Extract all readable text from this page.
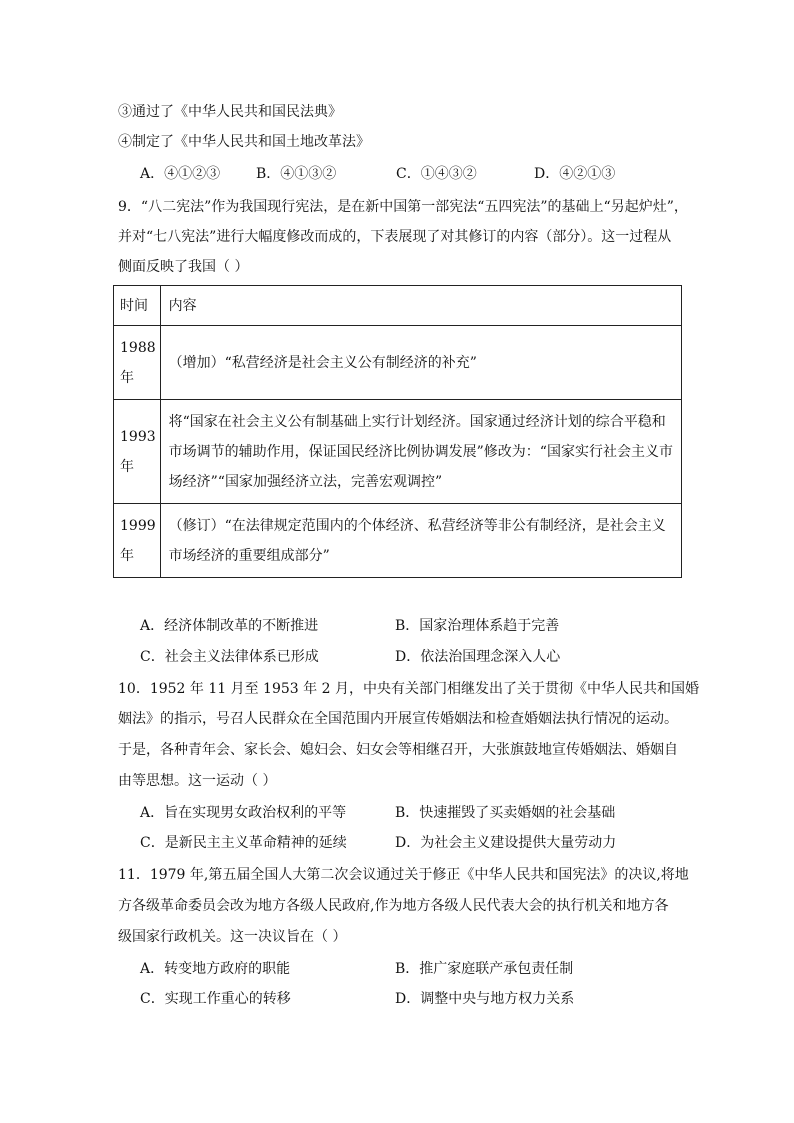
③通过了《中华人民共和国民法典》
④制定了《中华人民共和国土地改革法》
A．④①②③	B．④①③②	C．①④③②	D．④②①③
9．“八二宪法”作为我国现行宪法，是在新中国第一部宪法“五四宪法”的基础上“另起炉灶”，
并对“七八宪法”进行大幅度修改而成的，下表展现了对其修订的内容（部分）。这一过程从
侧面反映了我国（ ）
时间	内容

1988
年	（增加）“私营经济是社会主义公有制经济的补充”

1993
年	将“国家在社会主义公有制基础上实行计划经济。国家通过经济计划的综合平稳和
市场调节的辅助作用，保证国民经济比例协调发展”修改为：“国家实行社会主义市
场经济”“国家加强经济立法，完善宏观调控”

1999
年	（修订）“在法律规定范围内的个体经济、私营经济等非公有制经济，是社会主义
市场经济的重要组成部分”
A．经济体制改革的不断推进	B．国家治理体系趋于完善
C．社会主义法律体系已形成	D．依法治国理念深入人心
10．1952 年 11 月至 1953 年 2 月，中央有关部门相继发出了关于贯彻《中华人民共和国婚
姻法》的指示，号召人民群众在全国范围内开展宣传婚姻法和检查婚姻法执行情况的运动。
于是，各种青年会、家长会、媳妇会、妇女会等相继召开，大张旗鼓地宣传婚姻法、婚姻自
由等思想。这一运动（ ）
A．旨在实现男女政治权利的平等	B．快速摧毁了买卖婚姻的社会基础
C．是新民主主义革命精神的延续	D．为社会主义建设提供大量劳动力
11．1979 年,第五届全国人大第二次会议通过关于修正《中华人民共和国宪法》的决议,将地
方各级革命委员会改为地方各级人民政府,作为地方各级人民代表大会的执行机关和地方各
级国家行政机关。这一决议旨在（ ）
A．转变地方政府的职能	B．推广家庭联产承包责任制
C．实现工作重心的转移	D．调整中央与地方权力关系
